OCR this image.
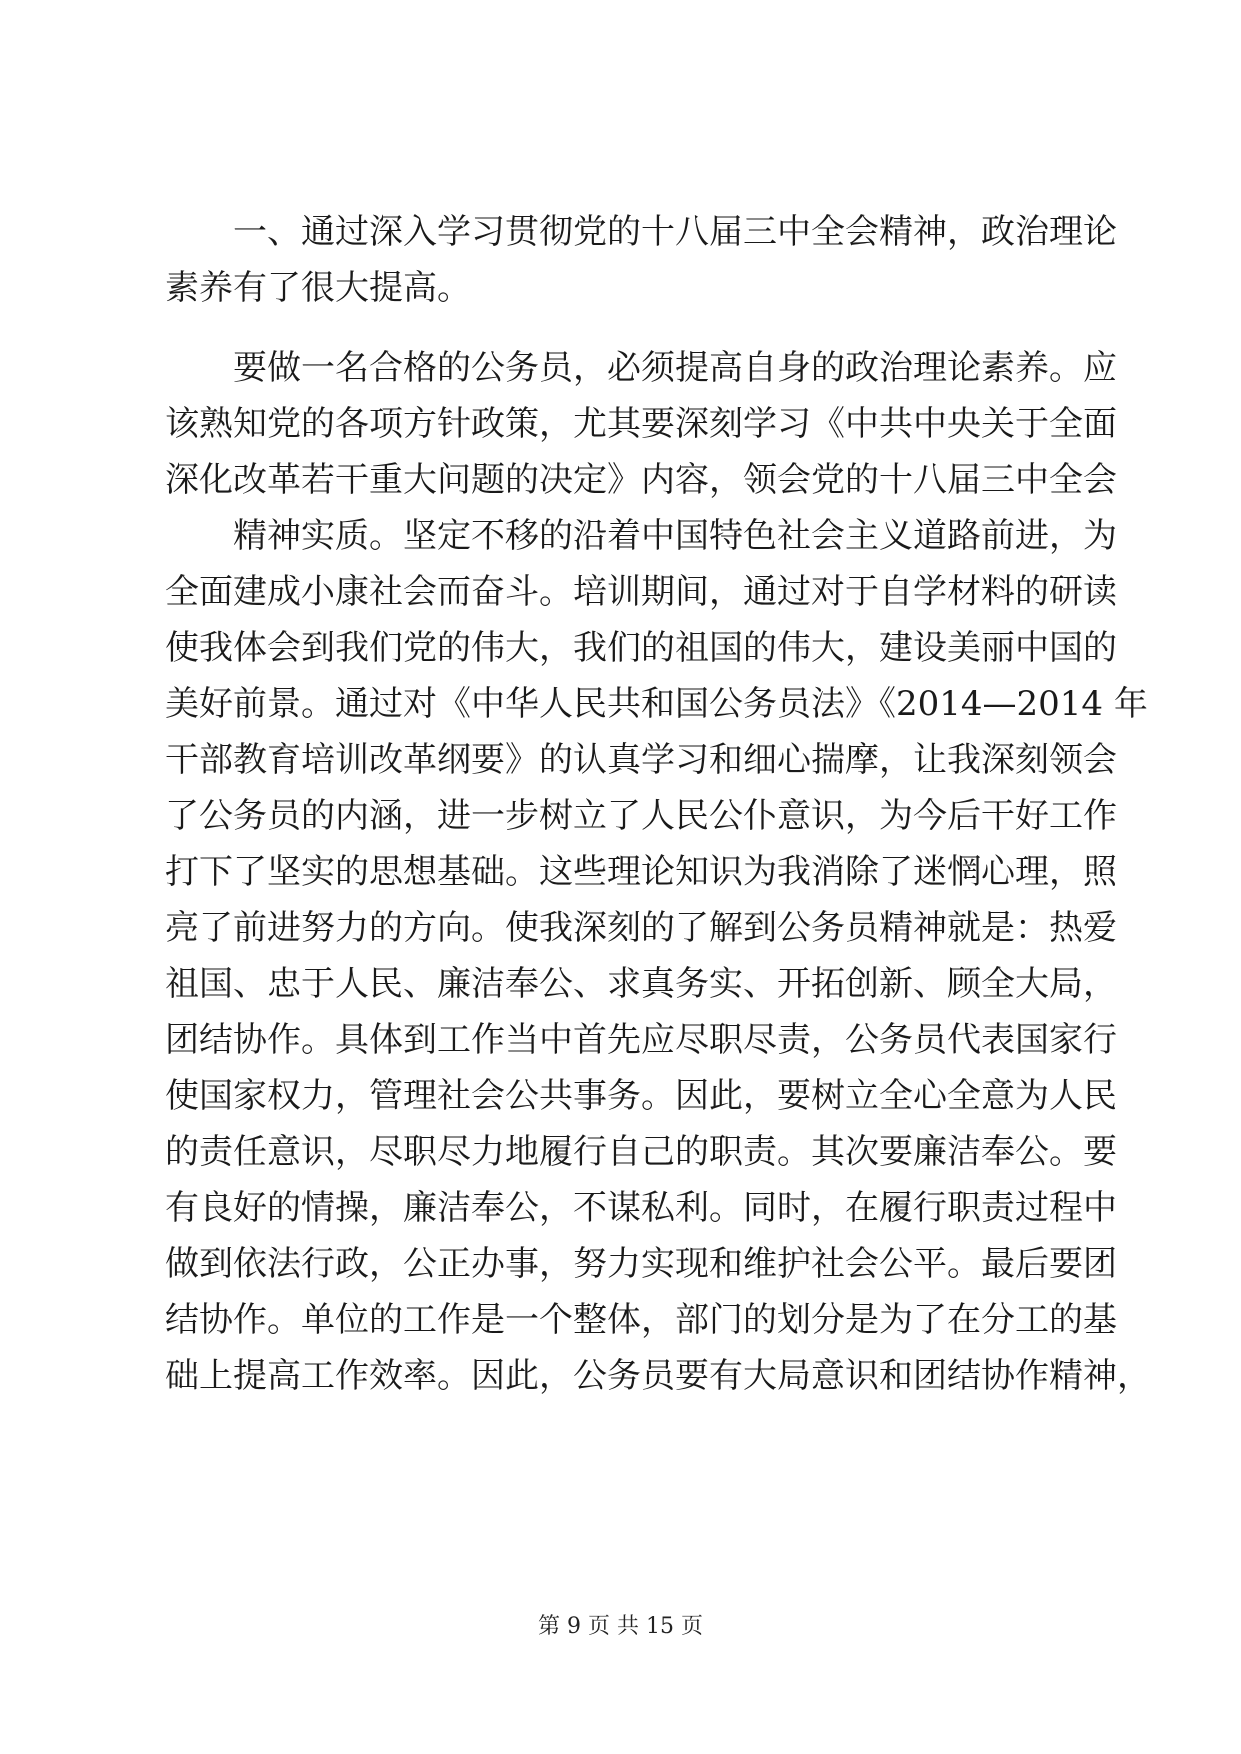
一、通过深入学习贯彻党的十八届三中全会精神，政治理论
素养有了很大提高。
要做一名合格的公务员，必须提高自身的政治理论素养。应
该熟知党的各项方针政策，尤其要深刻学习《中共中央关于全面
深化改革若干重大问题的决定》内容，领会党的十八届三中全会
精神实质。坚定不移的沿着中国特色社会主义道路前进，为
全面建成小康社会而奋斗。培训期间，通过对于自学材料的研读
使我体会到我们党的伟大，我们的祖国的伟大，建设美丽中国的
美好前景。通过对《中华人民共和国公务员法》《2014—2014 年
干部教育培训改革纲要》的认真学习和细心揣摩，让我深刻领会
了公务员的内涵，进一步树立了人民公仆意识，为今后干好工作
打下了坚实的思想基础。这些理论知识为我消除了迷惘心理，照
亮了前进努力的方向。使我深刻的了解到公务员精神就是：热爱
祖国、忠于人民、廉洁奉公、求真务实、开拓创新、顾全大局，
团结协作。具体到工作当中首先应尽职尽责，公务员代表国家行
使国家权力，管理社会公共事务。因此，要树立全心全意为人民
的责任意识，尽职尽力地履行自己的职责。其次要廉洁奉公。要
有良好的情操，廉洁奉公，不谋私利。同时，在履行职责过程中
做到依法行政，公正办事，努力实现和维护社会公平。最后要团
结协作。单位的工作是一个整体，部门的划分是为了在分工的基
础上提高工作效率。因此，公务员要有大局意识和团结协作精神，
第 9 页 共 15 页
